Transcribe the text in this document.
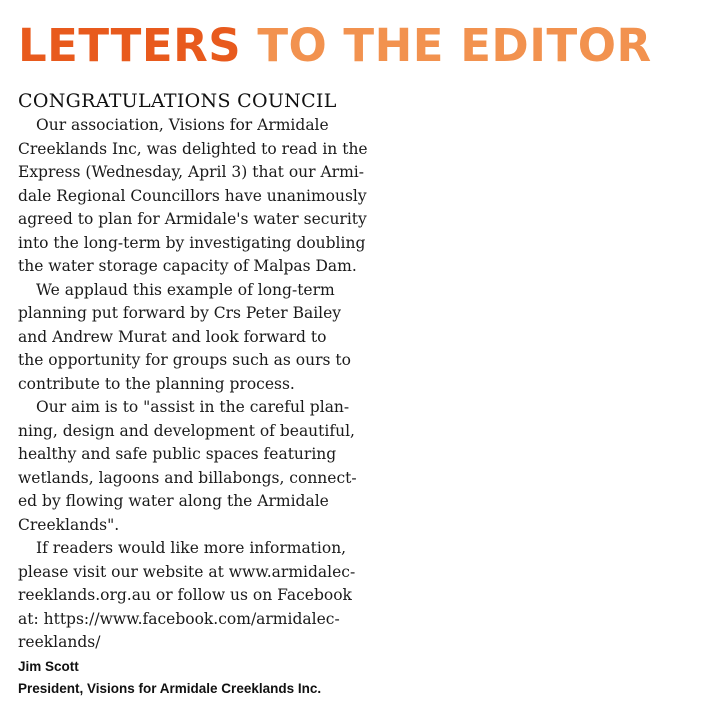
LETTERS TO THE EDITOR
CONGRATULATIONS COUNCIL

Our association, Visions for Armidale
Creeklands Inc, was delighted to read in the
Express (Wednesday, April 3) that our Armi-
dale Regional Councillors have unanimously
agreed to plan for Armidale's water security
into the long-term by investigating doubling
the water storage capacity of Malpas Dam.

We applaud this example of long-term
planning put forward by Crs Peter Bailey
and Andrew Murat and look forward to
the opportunity for groups such as ours to
contribute to the planning process.

Our aim is to "assist in the careful plan-
ning, design and development of beautiful,
healthy and safe public spaces featuring
wetlands, lagoons and billabongs, connect-
ed by flowing water along the Armidale
Creeklands".

If readers would like more information,
please visit our website at www.armidalec-
reeklands.org.au or follow us on Facebook
at: https://www.facebook.com/armidalec-
reeklands/

Jim Scott
President, Visions for Armidale Creeklands Inc.
